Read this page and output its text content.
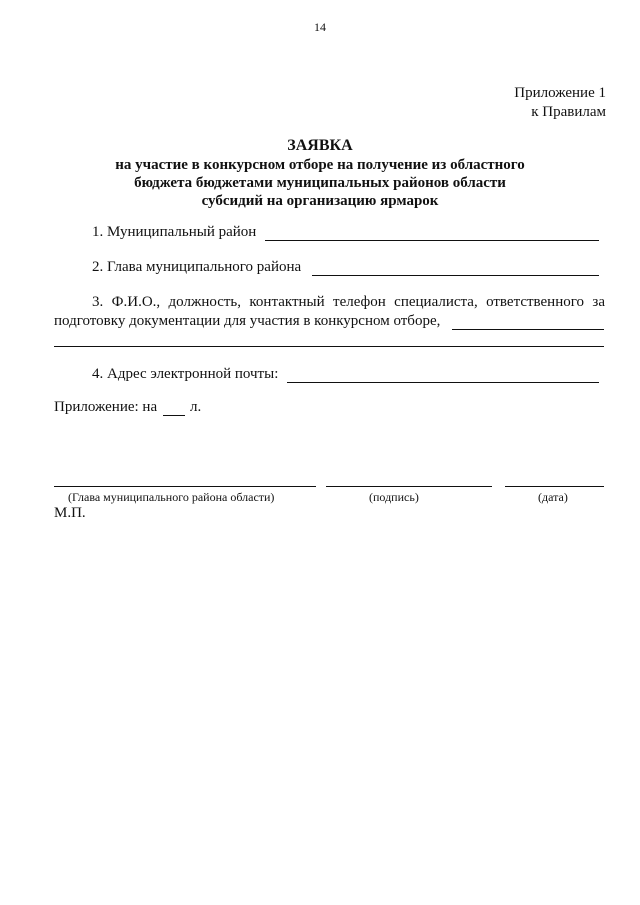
14
Приложение 1
к Правилам
ЗАЯВКА
на участие в конкурсном отборе на получение из областного
бюджета бюджетами муниципальных районов области
субсидий на организацию ярмарок
1. Муниципальный район
2. Глава муниципального района
3. Ф.И.О., должность, контактный телефон специалиста, ответственного за
подготовку документации для участия в конкурсном отборе,
4. Адрес электронной почты:
Приложение: на л.
(Глава муниципального района области)	(подпись)	(дата)
М.П.
